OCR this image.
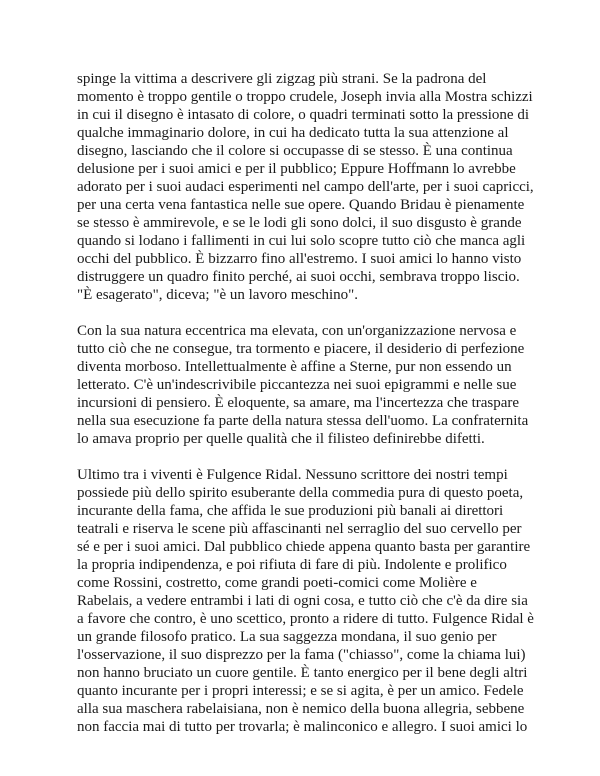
spinge la vittima a descrivere gli zigzag più strani. Se la padrona del
momento è troppo gentile o troppo crudele, Joseph invia alla Mostra schizzi
in cui il disegno è intasato di colore, o quadri terminati sotto la pressione di
qualche immaginario dolore, in cui ha dedicato tutta la sua attenzione al
disegno, lasciando che il colore si occupasse di se stesso. È una continua
delusione per i suoi amici e per il pubblico; Eppure Hoffmann lo avrebbe
adorato per i suoi audaci esperimenti nel campo dell'arte, per i suoi capricci,
per una certa vena fantastica nelle sue opere. Quando Bridau è pienamente
se stesso è ammirevole, e se le lodi gli sono dolci, il suo disgusto è grande
quando si lodano i fallimenti in cui lui solo scopre tutto ciò che manca agli
occhi del pubblico. È bizzarro fino all'estremo. I suoi amici lo hanno visto
distruggere un quadro finito perché, ai suoi occhi, sembrava troppo liscio.
"È esagerato", diceva; "è un lavoro meschino".

Con la sua natura eccentrica ma elevata, con un'organizzazione nervosa e
tutto ciò che ne consegue, tra tormento e piacere, il desiderio di perfezione
diventa morboso. Intellettualmente è affine a Sterne, pur non essendo un
letterato. C'è un'indescrivibile piccantezza nei suoi epigrammi e nelle sue
incursioni di pensiero. È eloquente, sa amare, ma l'incertezza che traspare
nella sua esecuzione fa parte della natura stessa dell'uomo. La confraternita
lo amava proprio per quelle qualità che il filisteo definirebbe difetti.

Ultimo tra i viventi è Fulgence Ridal. Nessuno scrittore dei nostri tempi
possiede più dello spirito esuberante della commedia pura di questo poeta,
incurante della fama, che affida le sue produzioni più banali ai direttori
teatrali e riserva le scene più affascinanti nel serraglio del suo cervello per
sé e per i suoi amici. Dal pubblico chiede appena quanto basta per garantire
la propria indipendenza, e poi rifiuta di fare di più. Indolente e prolifico
come Rossini, costretto, come grandi poeti-comici come Molière e
Rabelais, a vedere entrambi i lati di ogni cosa, e tutto ciò che c'è da dire sia
a favore che contro, è uno scettico, pronto a ridere di tutto. Fulgence Ridal è
un grande filosofo pratico. La sua saggezza mondana, il suo genio per
l'osservazione, il suo disprezzo per la fama ("chiasso", come la chiama lui)
non hanno bruciato un cuore gentile. È tanto energico per il bene degli altri
quanto incurante per i propri interessi; e se si agita, è per un amico. Fedele
alla sua maschera rabelaisiana, non è nemico della buona allegria, sebbene
non faccia mai di tutto per trovarla; è malinconico e allegro. I suoi amici lo
